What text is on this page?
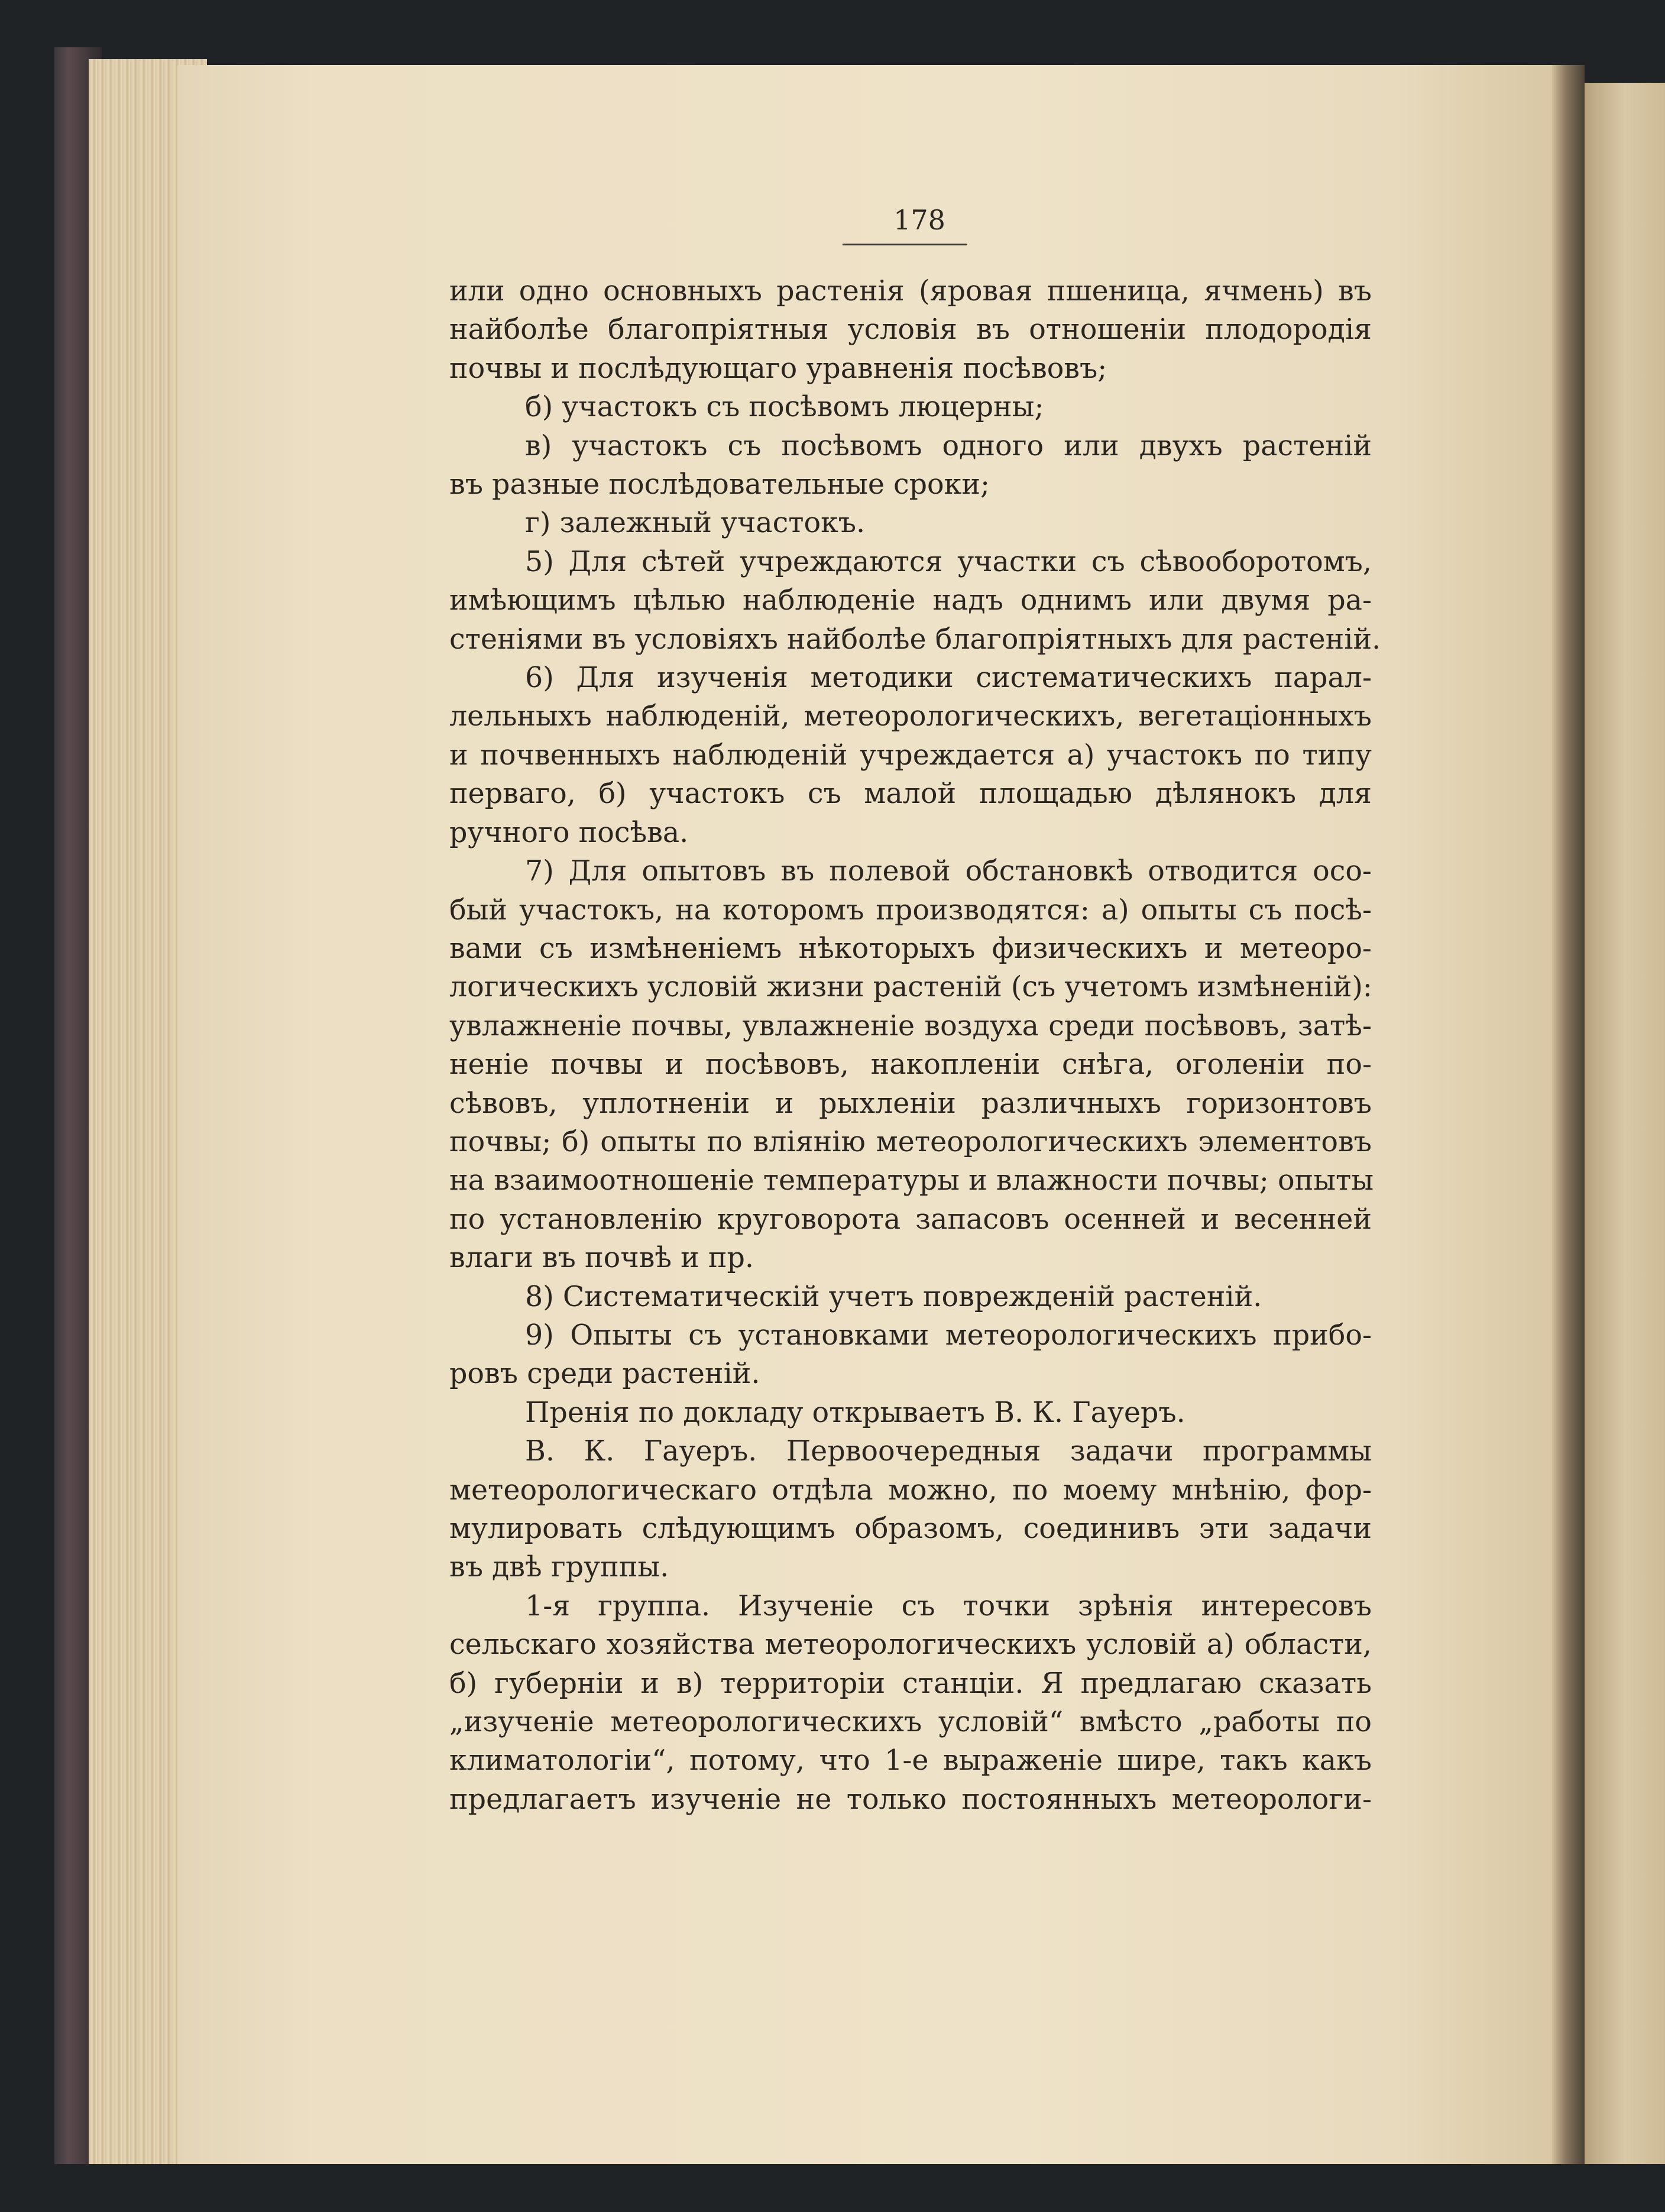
178
или одно основныхъ растенія (яровая пшеница, ячмень) въ
найболѣе благопріятныя условія въ отношеніи плодородія
почвы и послѣдующаго уравненія посѣвовъ;
б) участокъ съ посѣвомъ люцерны;
в) участокъ съ посѣвомъ одного или двухъ растеній
въ разные послѣдовательные сроки;
г) залежный участокъ.
5) Для сѣтей учреждаются участки съ сѣвооборотомъ,
имѣющимъ цѣлью наблюденіе надъ однимъ или двумя ра-
стеніями въ условіяхъ найболѣе благопріятныхъ для растеній.
6) Для изученія методики систематическихъ парал-
лельныхъ наблюденій, метеорологическихъ, вегетаціонныхъ
и почвенныхъ наблюденій учреждается а) участокъ по типу
перваго, б) участокъ съ малой площадью дѣлянокъ для
ручного посѣва.
7) Для опытовъ въ полевой обстановкѣ отводится осо-
бый участокъ, на которомъ производятся: а) опыты съ посѣ-
вами съ измѣненіемъ нѣкоторыхъ физическихъ и метеоро-
логическихъ условій жизни растеній (съ учетомъ измѣненій):
увлажненіе почвы, увлажненіе воздуха среди посѣвовъ, затѣ-
неніе почвы и посѣвовъ, накопленіи снѣга, оголеніи по-
сѣвовъ, уплотненіи и рыхленіи различныхъ горизонтовъ
почвы; б) опыты по вліянію метеорологическихъ элементовъ
на взаимоотношеніе температуры и влажности почвы; опыты
по установленію круговорота запасовъ осенней и весенней
влаги въ почвѣ и пр.
8) Систематическій учетъ поврежденій растеній.
9) Опыты съ установками метеорологическихъ прибо-
ровъ среди растеній.
Пренія по докладу открываетъ В. К. Гауеръ.
В. К. Гауеръ. Первоочередныя задачи программы
метеорологическаго отдѣла можно, по моему мнѣнію, фор-
мулировать слѣдующимъ образомъ, соединивъ эти задачи
въ двѣ группы.
1-я группа. Изученіе съ точки зрѣнія интересовъ
сельскаго хозяйства метеорологическихъ условій а) области,
б) губерніи и в) территоріи станціи. Я предлагаю сказать
„изученіе метеорологическихъ условій“ вмѣсто „работы по
климатологіи“, потому, что 1-е выраженіе шире, такъ какъ
предлагаетъ изученіе не только постоянныхъ метеорологи-
